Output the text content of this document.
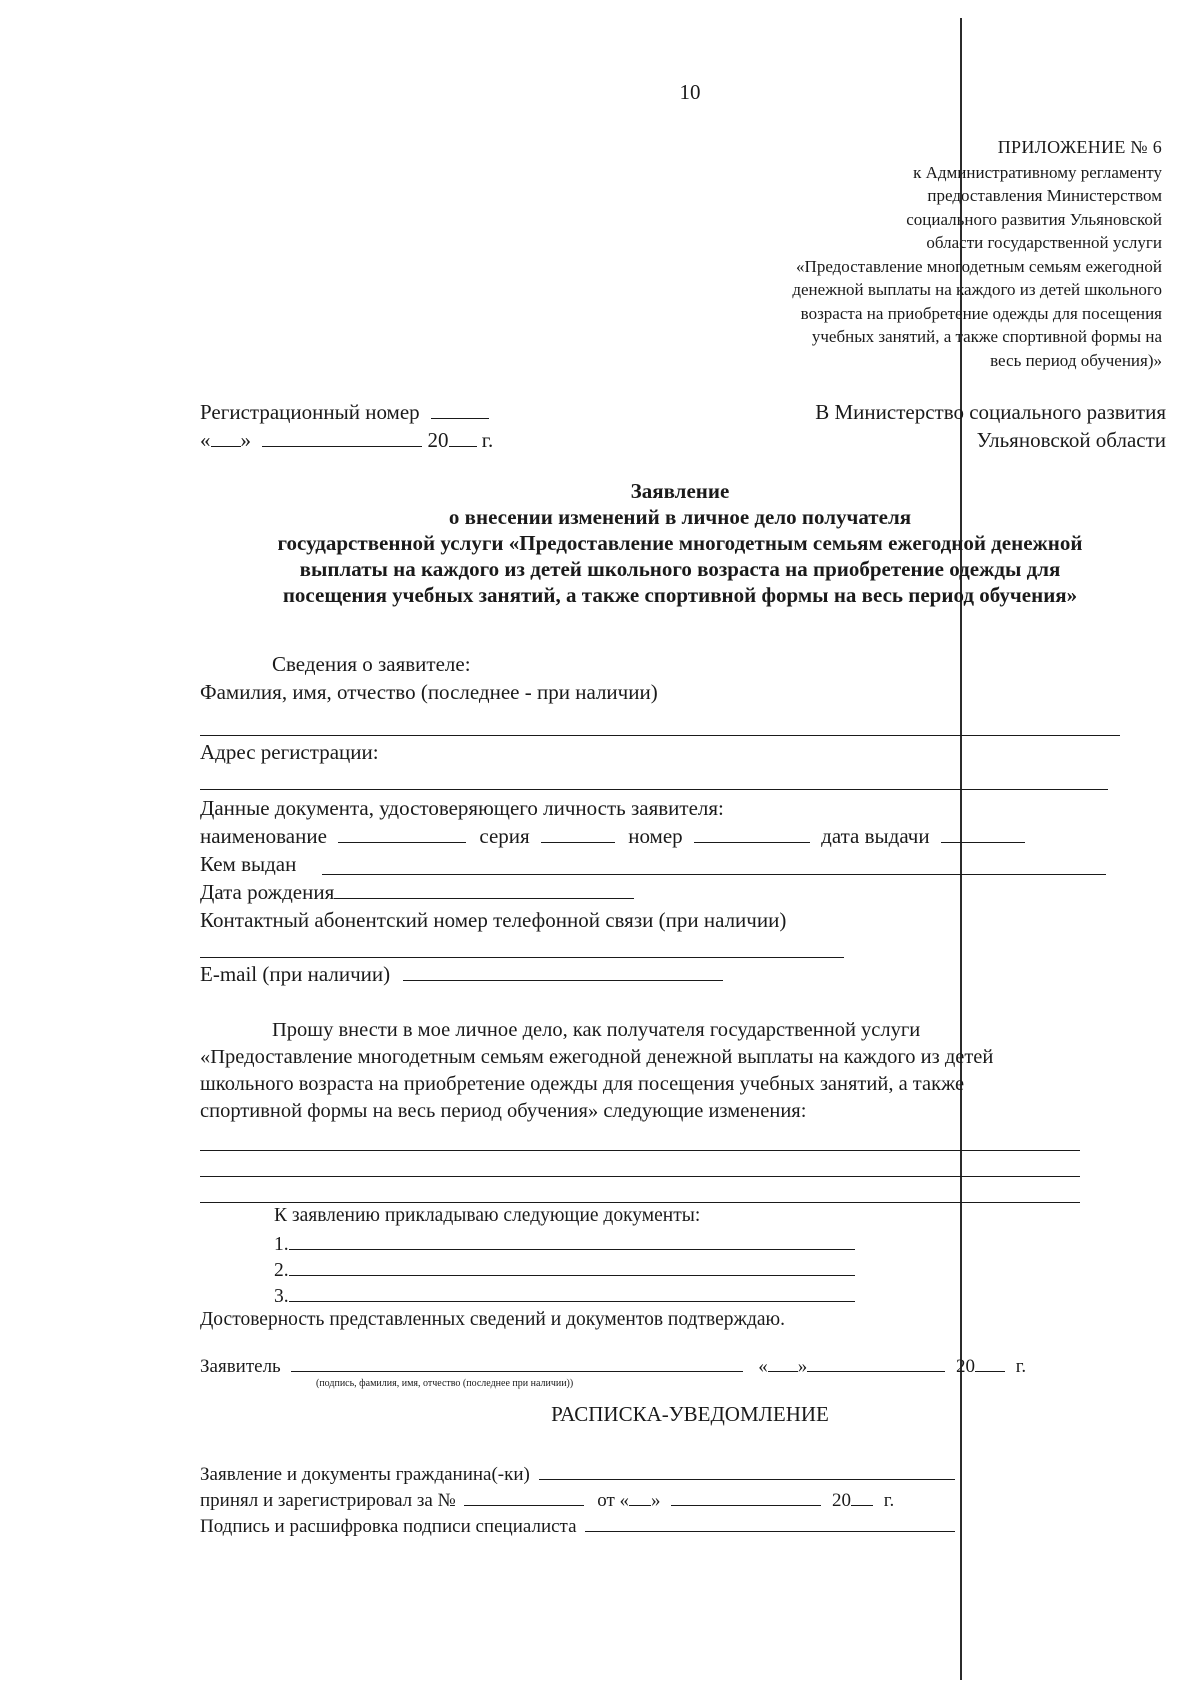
10
ПРИЛОЖЕНИЕ № 6
к Административному регламенту
предоставления Министерством
социального развития Ульяновской
области государственной услуги
«Предоставление многодетным семьям ежегодной
денежной выплаты на каждого из детей школьного
возраста на приобретение одежды для посещения
учебных занятий, а также спортивной формы на
весь период обучения)»
Регистрационный номер
« »	20 г.
В Министерство социального развития
Ульяновской области
Заявление
о внесении изменений в личное дело получателя
государственной услуги «Предоставление многодетным семьям ежегодной денежной
выплаты на каждого из детей школьного возраста на приобретение одежды для
посещения учебных занятий, а также спортивной формы на весь период обучения»
Сведения о заявителе:
Фамилия, имя, отчество (последнее - при наличии)
Адрес регистрации:
Данные документа, удостоверяющего личность заявителя:
наименование	серия	номер	дата выдачи
Кем выдан
Дата рождения
Контактный абонентский номер телефонной связи (при наличии)
E-mail (при наличии)
Прошу внести в мое личное дело, как получателя государственной услуги
«Предоставление многодетным семьям ежегодной денежной выплаты на каждого из детей
школьного возраста на приобретение одежды для посещения учебных занятий, а также
спортивной формы на весь период обучения» следующие изменения:
К заявлению прикладываю следующие документы:
1.
2.
3.
Достоверность представленных сведений и документов подтверждаю.
Заявитель	« »	20 г.
(подпись, фамилия, имя, отчество (последнее при наличии))
РАСПИСКА-УВЕДОМЛЕНИЕ
Заявление и документы гражданина(-ки)
принял и зарегистрировал за №	от « »	20 г.
Подпись и расшифровка подписи специалиста
